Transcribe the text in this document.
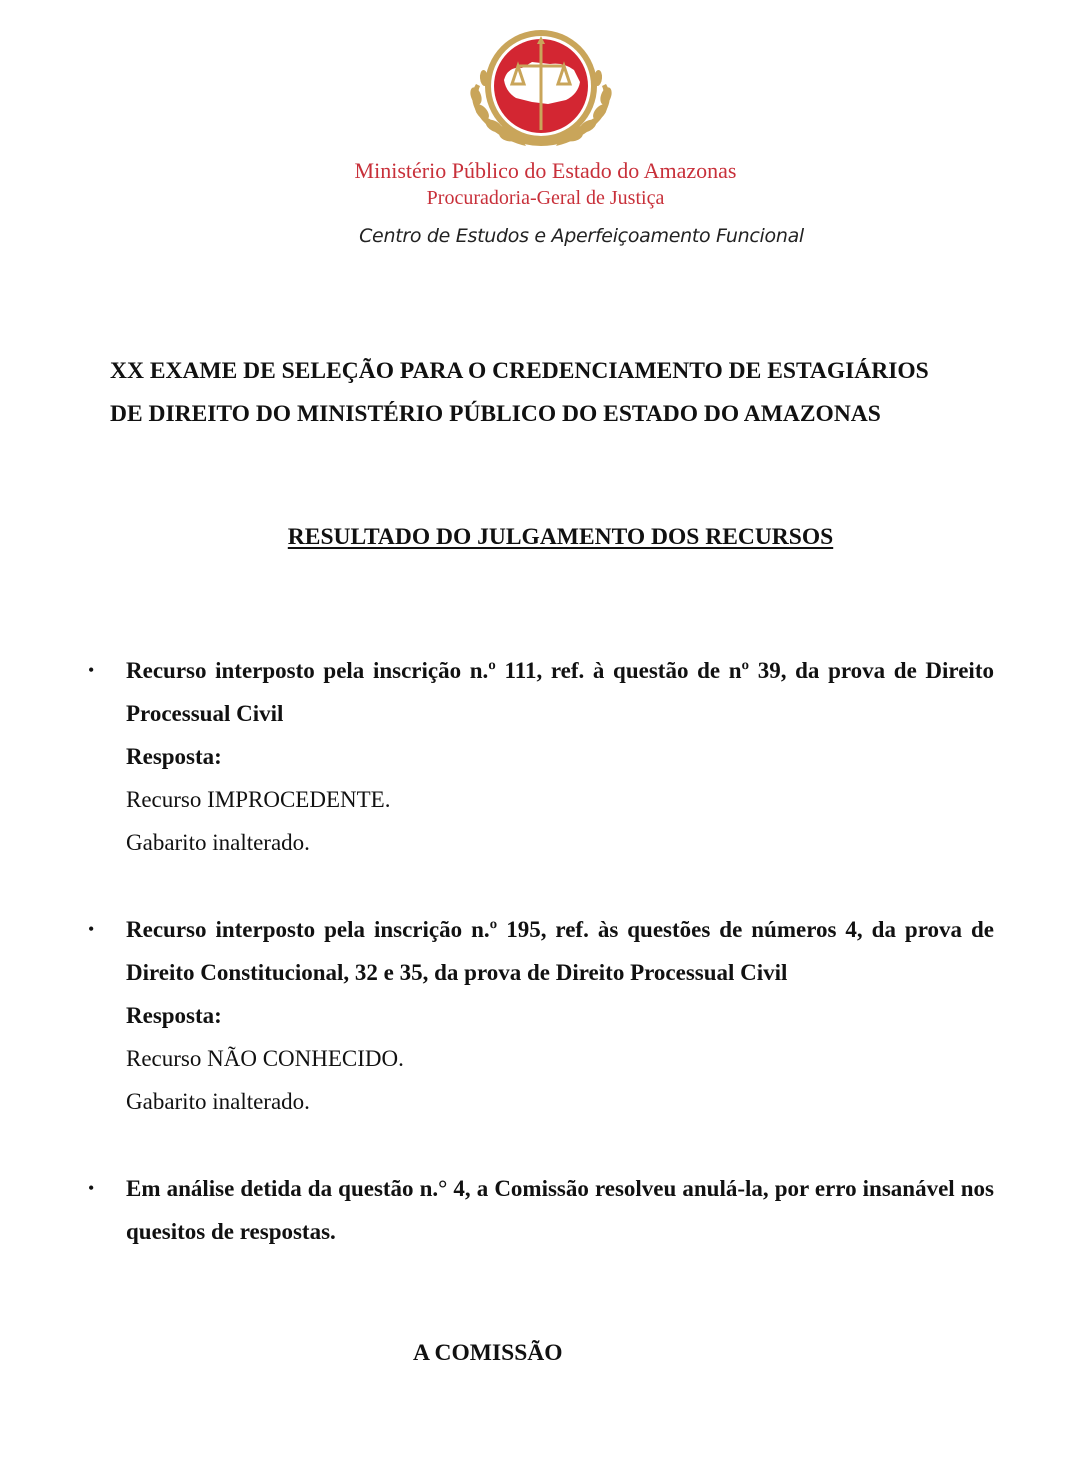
Ministério Público do Estado do Amazonas
Procuradoria-Geral de Justiça
Centro de Estudos e Aperfeiçoamento Funcional
XX EXAME DE SELEÇÃO PARA O CREDENCIAMENTO DE ESTAGIÁRIOS
DE DIREITO DO MINISTÉRIO PÚBLICO DO ESTADO DO AMAZONAS
RESULTADO DO JULGAMENTO DOS RECURSOS
• Recurso interposto pela inscrição n.º 111, ref. à questão de nº 39, da prova de Direito Processual Civil
Resposta:
Recurso IMPROCEDENTE.
Gabarito inalterado.
• Recurso interposto pela inscrição n.º 195, ref. às questões de números 4, da prova de Direito Constitucional, 32 e 35, da prova de Direito Processual Civil
Resposta:
Recurso NÃO CONHECIDO.
Gabarito inalterado.
• Em análise detida da questão n.° 4, a Comissão resolveu anulá-la, por erro insanável nos quesitos de respostas.
A COMISSÃO
